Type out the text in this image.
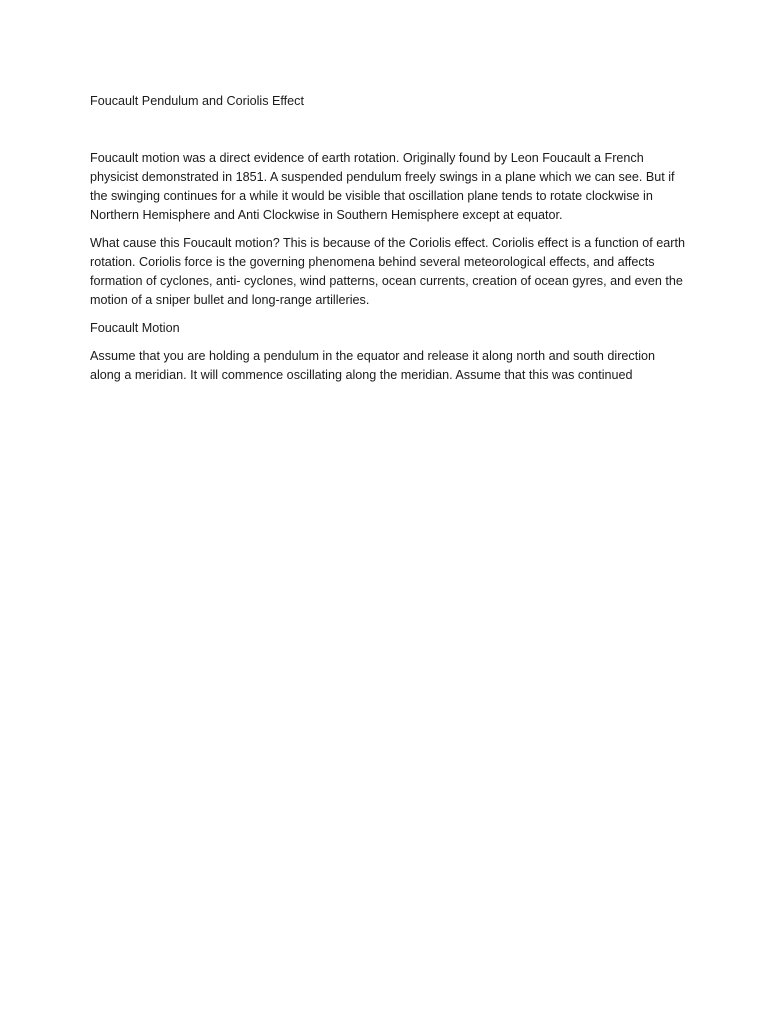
Foucault Pendulum and Coriolis Effect

Foucault motion was a direct evidence of earth rotation. Originally found by Leon Foucault a French physicist demonstrated in 1851. A suspended pendulum freely swings in a plane which we can see. But if the swinging continues for a while it would be visible that oscillation plane tends to rotate clockwise in Northern Hemisphere and Anti Clockwise in Southern Hemisphere except at equator.

What cause this Foucault motion? This is because of the Coriolis effect. Coriolis effect is a function of earth rotation. Coriolis force is the governing phenomena behind several meteorological effects, and affects formation of cyclones, anti- cyclones, wind patterns, ocean currents, creation of ocean gyres, and even the motion of a sniper bullet and long-range artilleries.

Foucault Motion

Assume that you are holding a pendulum in the equator and release it along north and south direction along a meridian. It will commence oscillating along the meridian. Assume that this was continued
